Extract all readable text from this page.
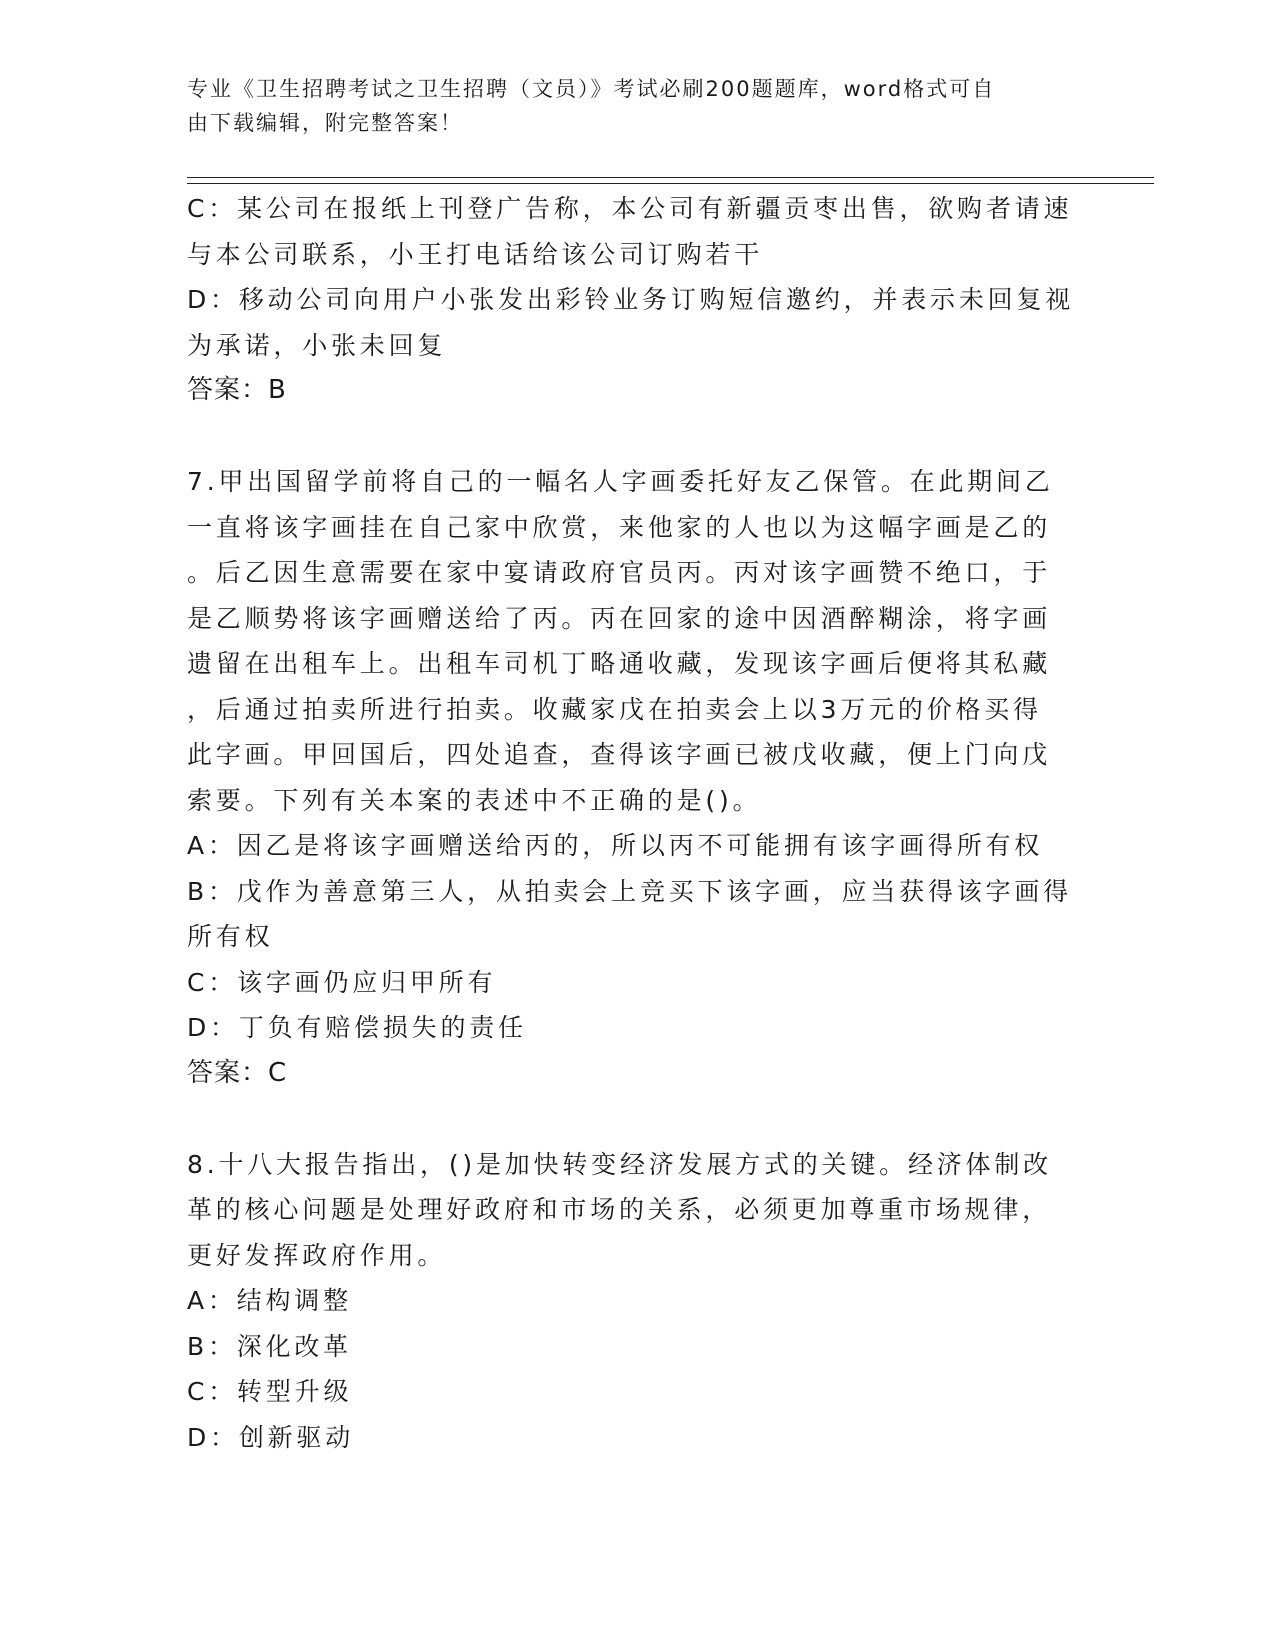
专业《卫生招聘考试之卫生招聘（文员）》考试必刷200题题库，word格式可自
由下载编辑，附完整答案！
C：某公司在报纸上刊登广告称，本公司有新疆贡枣出售，欲购者请速
与本公司联系，小王打电话给该公司订购若干
D：移动公司向用户小张发出彩铃业务订购短信邀约，并表示未回复视
为承诺，小张未回复
答案：B
7.甲出国留学前将自己的一幅名人字画委托好友乙保管。在此期间乙
一直将该字画挂在自己家中欣赏，来他家的人也以为这幅字画是乙的
。后乙因生意需要在家中宴请政府官员丙。丙对该字画赞不绝口，于
是乙顺势将该字画赠送给了丙。丙在回家的途中因酒醉糊涂，将字画
遗留在出租车上。出租车司机丁略通收藏，发现该字画后便将其私藏
，后通过拍卖所进行拍卖。收藏家戊在拍卖会上以3万元的价格买得
此字画。甲回国后，四处追查，查得该字画已被戊收藏，便上门向戊
索要。下列有关本案的表述中不正确的是()。
A：因乙是将该字画赠送给丙的，所以丙不可能拥有该字画得所有权
B：戊作为善意第三人，从拍卖会上竞买下该字画，应当获得该字画得
所有权
C：该字画仍应归甲所有
D：丁负有赔偿损失的责任
答案：C
8.十八大报告指出，()是加快转变经济发展方式的关键。经济体制改
革的核心问题是处理好政府和市场的关系，必须更加尊重市场规律，
更好发挥政府作用。
A：结构调整
B：深化改革
C：转型升级
D：创新驱动
